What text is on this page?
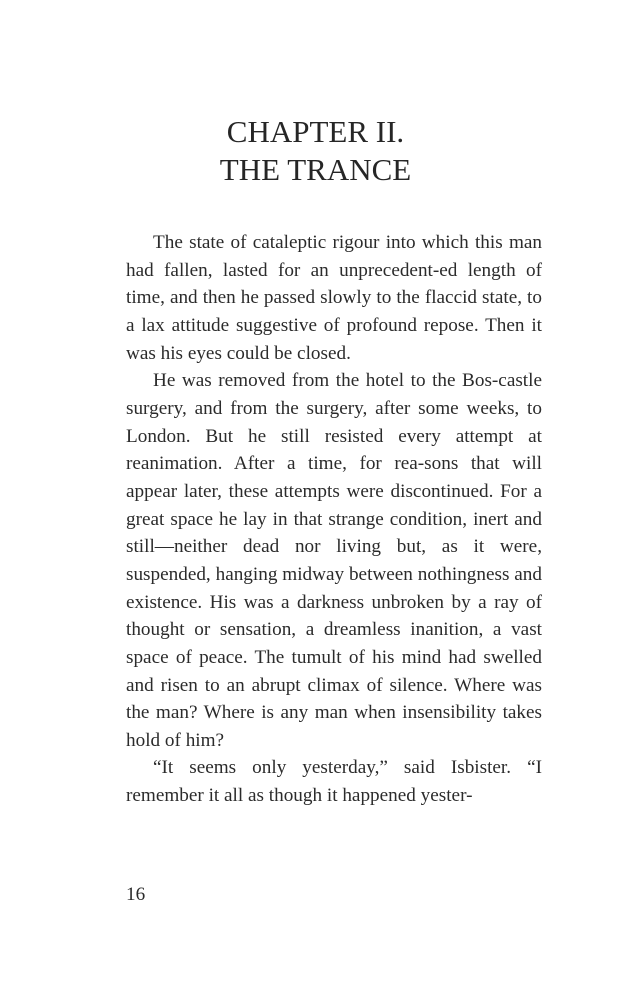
CHAPTER II.
THE TRANCE

The state of cataleptic rigour into which this man had fallen, lasted for an unprecedent-ed length of time, and then he passed slowly to the flaccid state, to a lax attitude suggestive of profound repose. Then it was his eyes could be closed.

He was removed from the hotel to the Bos-castle surgery, and from the surgery, after some weeks, to London. But he still resisted every attempt at reanimation. After a time, for rea-sons that will appear later, these attempts were discontinued. For a great space he lay in that strange condition, inert and still—neither dead nor living but, as it were, suspended, hanging midway between nothingness and existence. His was a darkness unbroken by a ray of thought or sensation, a dreamless inanition, a vast space of peace. The tumult of his mind had swelled and risen to an abrupt climax of silence. Where was the man? Where is any man when insensibility takes hold of him?

“It seems only yesterday,” said Isbister. “I remember it all as though it happened yester-

16
